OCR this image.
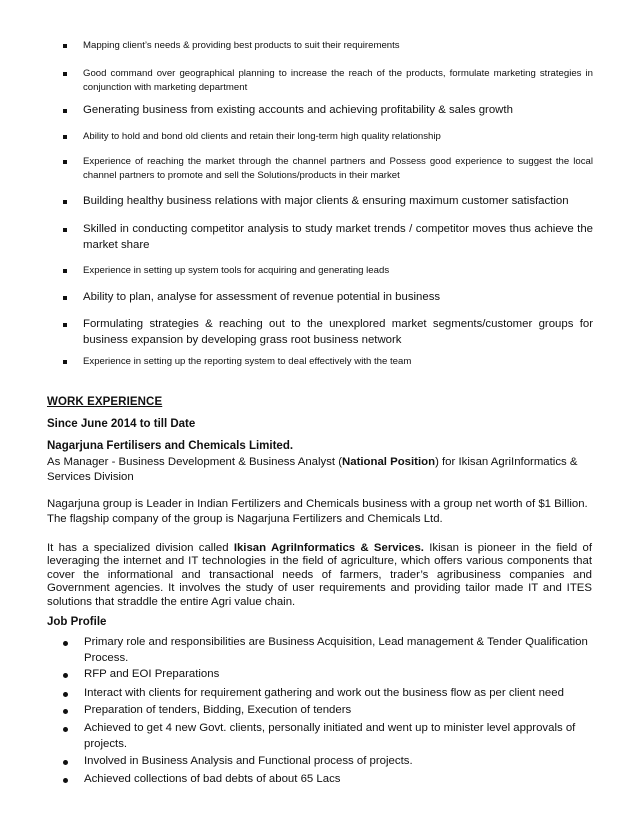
Mapping client’s needs & providing best products to suit their requirements
Good command over geographical planning to increase the reach of the products, formulate marketing strategies in conjunction with marketing department
Generating business from existing accounts and achieving profitability & sales growth
Ability to hold and bond old clients and retain their long-term high quality relationship
Experience of reaching the market through the channel partners and Possess good experience to suggest the local channel partners to promote and sell the Solutions/products in their market
Building healthy business relations with major clients & ensuring maximum customer satisfaction
Skilled in conducting competitor analysis to study market trends / competitor moves thus achieve the market share
Experience in setting up system tools for acquiring and generating leads
Ability to plan, analyse for assessment of revenue potential in business
Formulating strategies & reaching out to the unexplored market segments/customer groups for business expansion by developing grass root business network
Experience in setting up the reporting system to deal effectively with the team
WORK EXPERIENCE
Since June 2014 to till Date
Nagarjuna Fertilisers and Chemicals Limited.
As Manager - Business Development & Business Analyst (National Position) for Ikisan AgriInformatics & Services Division
Nagarjuna group is Leader in Indian Fertilizers and Chemicals business with a group net worth of $1 Billion. The flagship company of the group is Nagarjuna Fertilizers and Chemicals Ltd.
It has a specialized division called Ikisan AgriInformatics & Services. Ikisan is pioneer in the field of leveraging the internet and IT technologies in the field of agriculture, which offers various components that cover the informational and transactional needs of farmers, trader’s agribusiness companies and Government agencies. It involves the study of user requirements and providing tailor made IT and ITES solutions that straddle the entire Agri value chain.
Job Profile
Primary role and responsibilities are Business Acquisition, Lead management & Tender Qualification Process.
RFP and EOI Preparations
Interact with clients for requirement gathering and work out the business flow as per client need
Preparation of tenders, Bidding, Execution of tenders
Achieved to get 4 new Govt. clients, personally initiated and went up to minister level approvals of projects.
Involved in Business Analysis and Functional process of projects.
Achieved collections of bad debts of about 65 Lacs
